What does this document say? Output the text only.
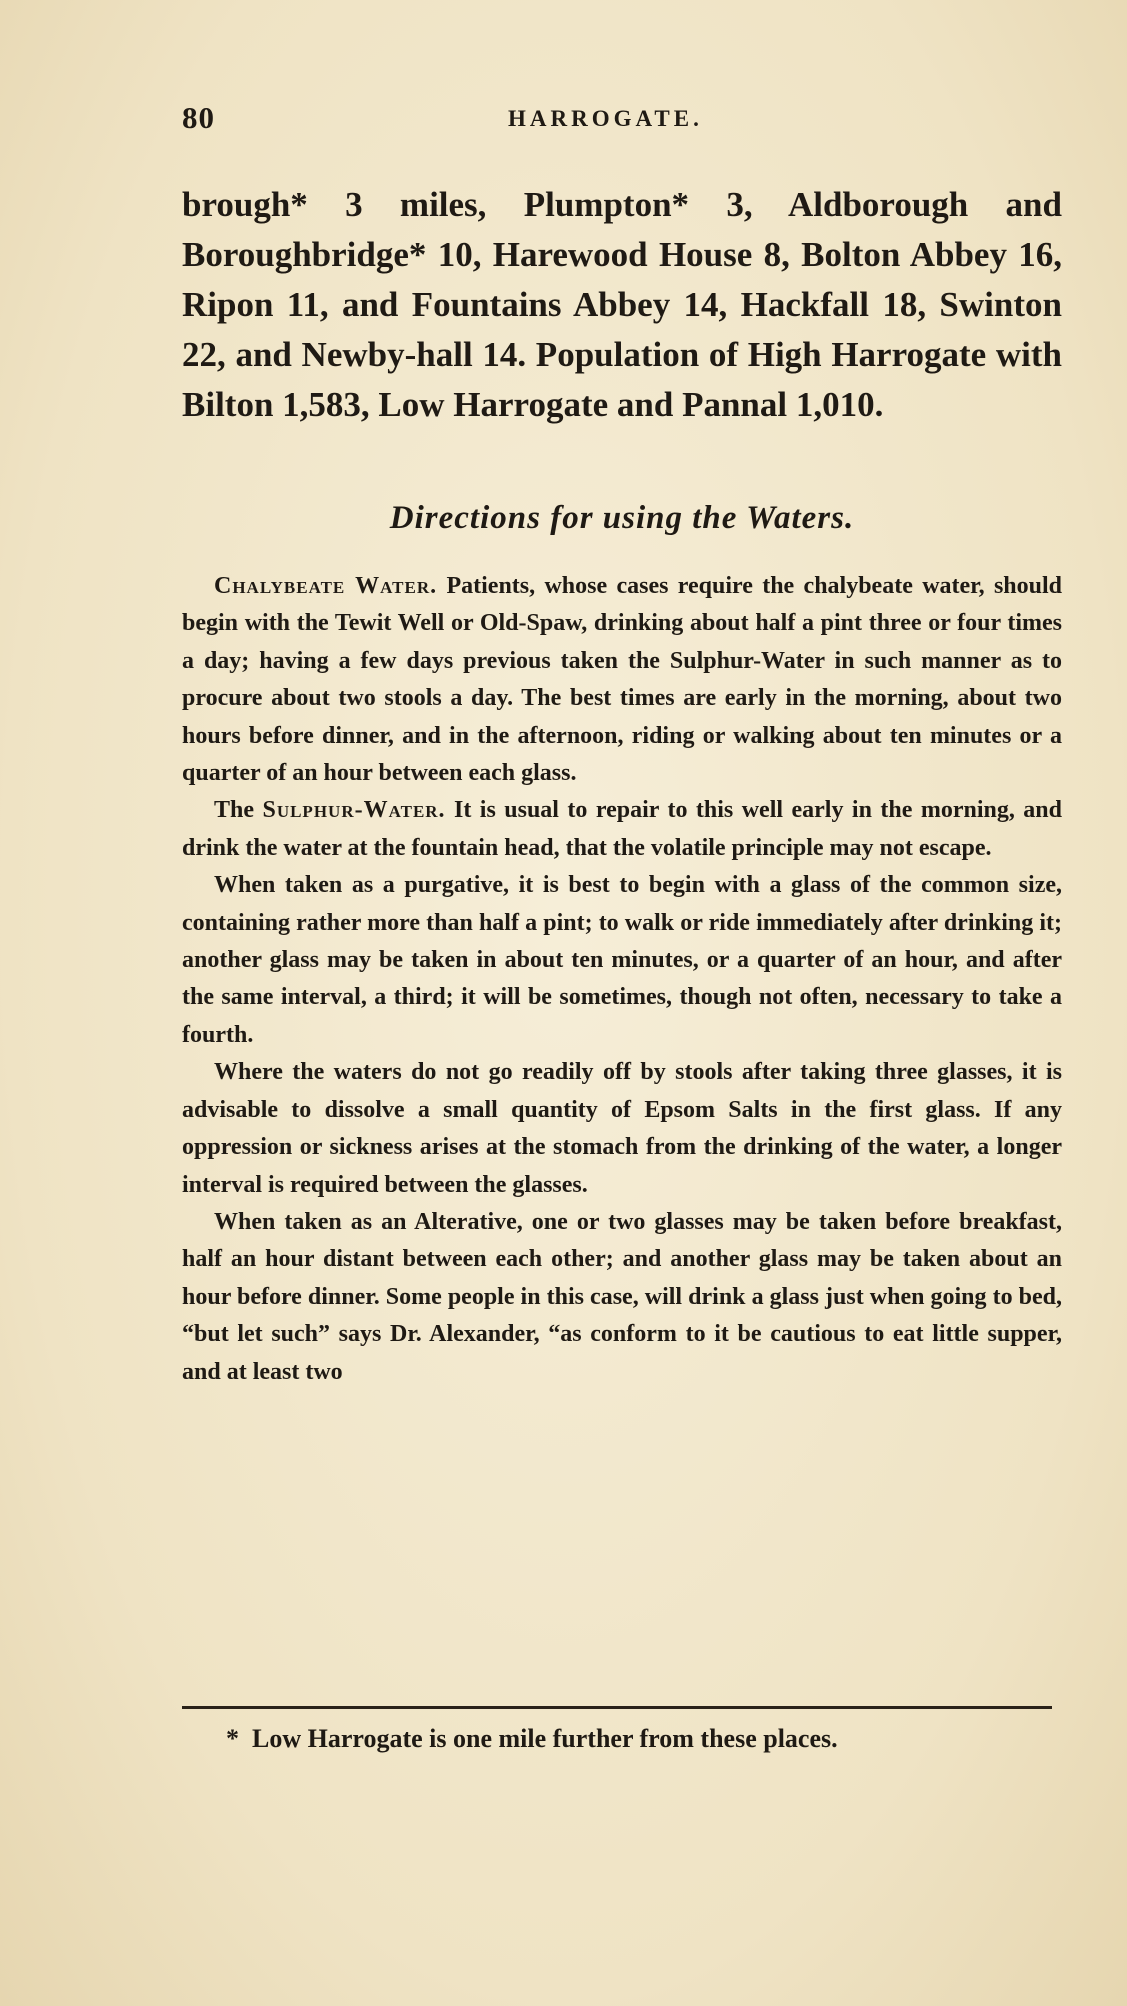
80	HARROGATE.

brough* 3 miles, Plumpton* 3, Aldborough and Boroughbridge* 10, Harewood House 8, Bolton Abbey 16, Ripon 11, and Fountains Abbey 14, Hackfall 18, Swinton 22, and Newby-hall 14. Population of High Harrogate with Bilton 1,583, Low Harrogate and Pannal 1,010.

Directions for using the Waters.

Chalybeate Water. Patients, whose cases require the chalybeate water, should begin with the Tewit Well or Old-Spaw, drinking about half a pint three or four times a day; having a few days previous taken the Sulphur-Water in such manner as to procure about two stools a day. The best times are early in the morning, about two hours before dinner, and in the afternoon, riding or walking about ten minutes or a quarter of an hour between each glass.

The Sulphur-Water. It is usual to repair to this well early in the morning, and drink the water at the fountain head, that the volatile principle may not escape.

When taken as a purgative, it is best to begin with a glass of the common size, containing rather more than half a pint; to walk or ride immediately after drinking it; another glass may be taken in about ten minutes, or a quarter of an hour, and after the same interval, a third; it will be sometimes, though not often, necessary to take a fourth.

Where the waters do not go readily off by stools after taking three glasses, it is advisable to dissolve a small quantity of Epsom Salts in the first glass. If any oppression or sickness arises at the stomach from the drinking of the water, a longer interval is required between the glasses.

When taken as an Alterative, one or two glasses may be taken before breakfast, half an hour distant between each other; and another glass may be taken about an hour before dinner. Some people in this case, will drink a glass just when going to bed, “but let such” says Dr. Alexander, “as conform to it be cautious to eat little supper, and at least two

* Low Harrogate is one mile further from these places.
